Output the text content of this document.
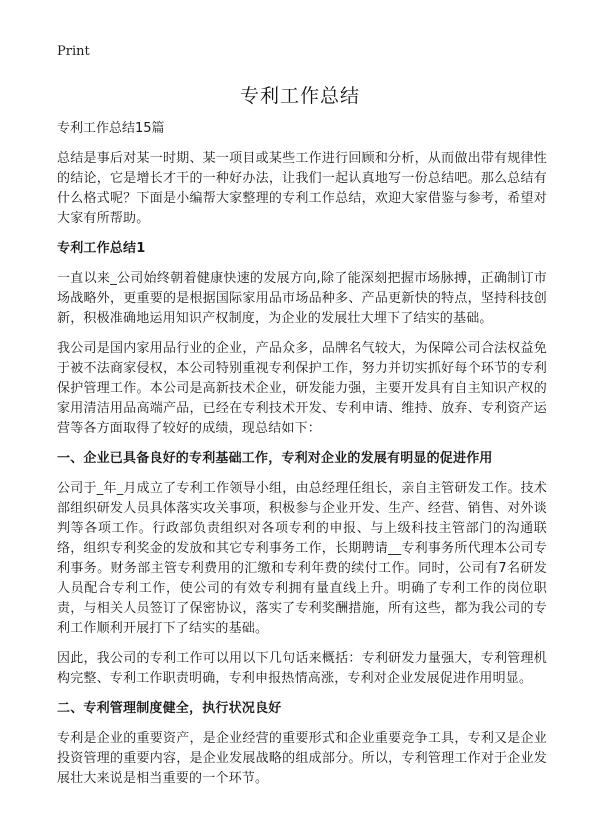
Print
专利工作总结
专利工作总结15篇

总结是事后对某一时期、某一项目或某些工作进行回顾和分析，从而做出带有规律性的结论，它是增长才干的一种好办法，让我们一起认真地写一份总结吧。那么总结有什么格式呢？下面是小编帮大家整理的专利工作总结，欢迎大家借鉴与参考，希望对大家有所帮助。

专利工作总结1

一直以来_公司始终朝着健康快速的发展方向,除了能深刻把握市场脉搏，正确制订市场战略外，更重要的是根据国际家用品市场品种多、产品更新快的特点，坚持科技创新，积极准确地运用知识产权制度，为企业的发展壮大埋下了结实的基础。

我公司是国内家用品行业的企业，产品众多，品牌名气较大，为保障公司合法权益免于被不法商家侵权，本公司特别重视专利保护工作，努力并切实抓好每个环节的专利保护管理工作。本公司是高新技术企业，研发能力强，主要开发具有自主知识产权的家用清洁用品高端产品，已经在专利技术开发、专利申请、维持、放弃、专利资产运营等各方面取得了较好的成绩，现总结如下：

一、企业已具备良好的专利基础工作，专利对企业的发展有明显的促进作用

公司于_年_月成立了专利工作领导小组，由总经理任组长，亲自主管研发工作。技术部组织研发人员具体落实攻关事项，积极参与企业开发、生产、经营、销售、对外谈判等各项工作。行政部负责组织对各项专利的申报、与上级科技主管部门的沟通联络，组织专利奖金的发放和其它专利事务工作，长期聘请__专利事务所代理本公司专利事务。财务部主管专利费用的汇缴和专利年费的续付工作。同时，公司有7名研发人员配合专利工作，使公司的有效专利拥有量直线上升。明确了专利工作的岗位职责，与相关人员签订了保密协议，落实了专利奖酬措施，所有这些，都为我公司的专利工作顺利开展打下了结实的基础。

因此，我公司的专利工作可以用以下几句话来概括：专利研发力量强大，专利管理机构完整、专利工作职责明确，专利申报热情高涨，专利对企业发展促进作用明显。

二、专利管理制度健全，执行状况良好

专利是企业的重要资产，是企业经营的重要形式和企业重要竞争工具，专利又是企业投资管理的重要内容，是企业发展战略的组成部分。所以，专利管理工作对于企业发展壮大来说是相当重要的一个环节。
